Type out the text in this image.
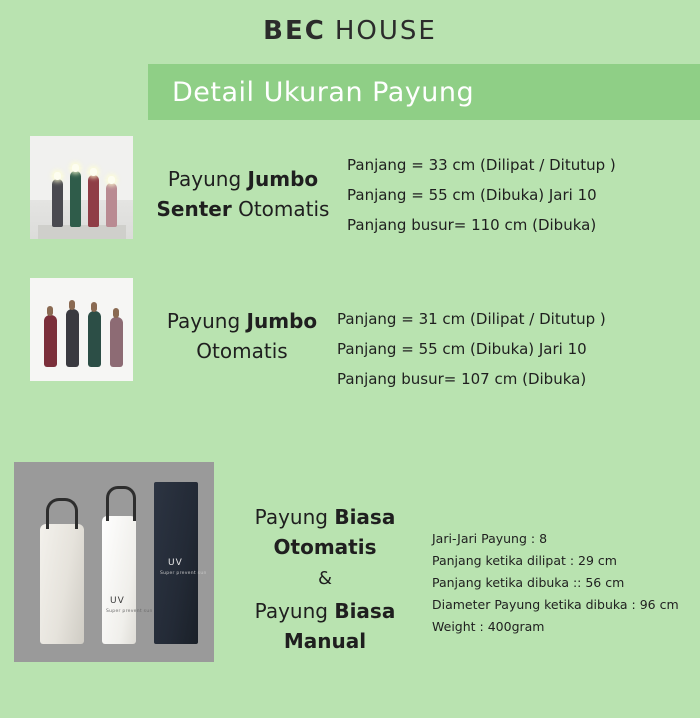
BEC HOUSE
Detail Ukuran Payung
Payung Jumbo
Senter Otomatis
Panjang = 33 cm (Dilipat / Ditutup )
Panjang = 55 cm (Dibuka) Jari 10
Panjang busur= 110 cm (Dibuka)
Payung Jumbo
Otomatis
Panjang = 31 cm (Dilipat / Ditutup )
Panjang = 55 cm (Dibuka) Jari 10
Panjang busur= 107 cm (Dibuka)
UV
Super prevent sun
UV
Super prevent sun
Payung Biasa
Otomatis
&
Payung Biasa
Manual
Jari-Jari Payung : 8
Panjang ketika dilipat : 29 cm
Panjang ketika dibuka :: 56 cm
Diameter Payung ketika dibuka : 96 cm
Weight : 400gram
